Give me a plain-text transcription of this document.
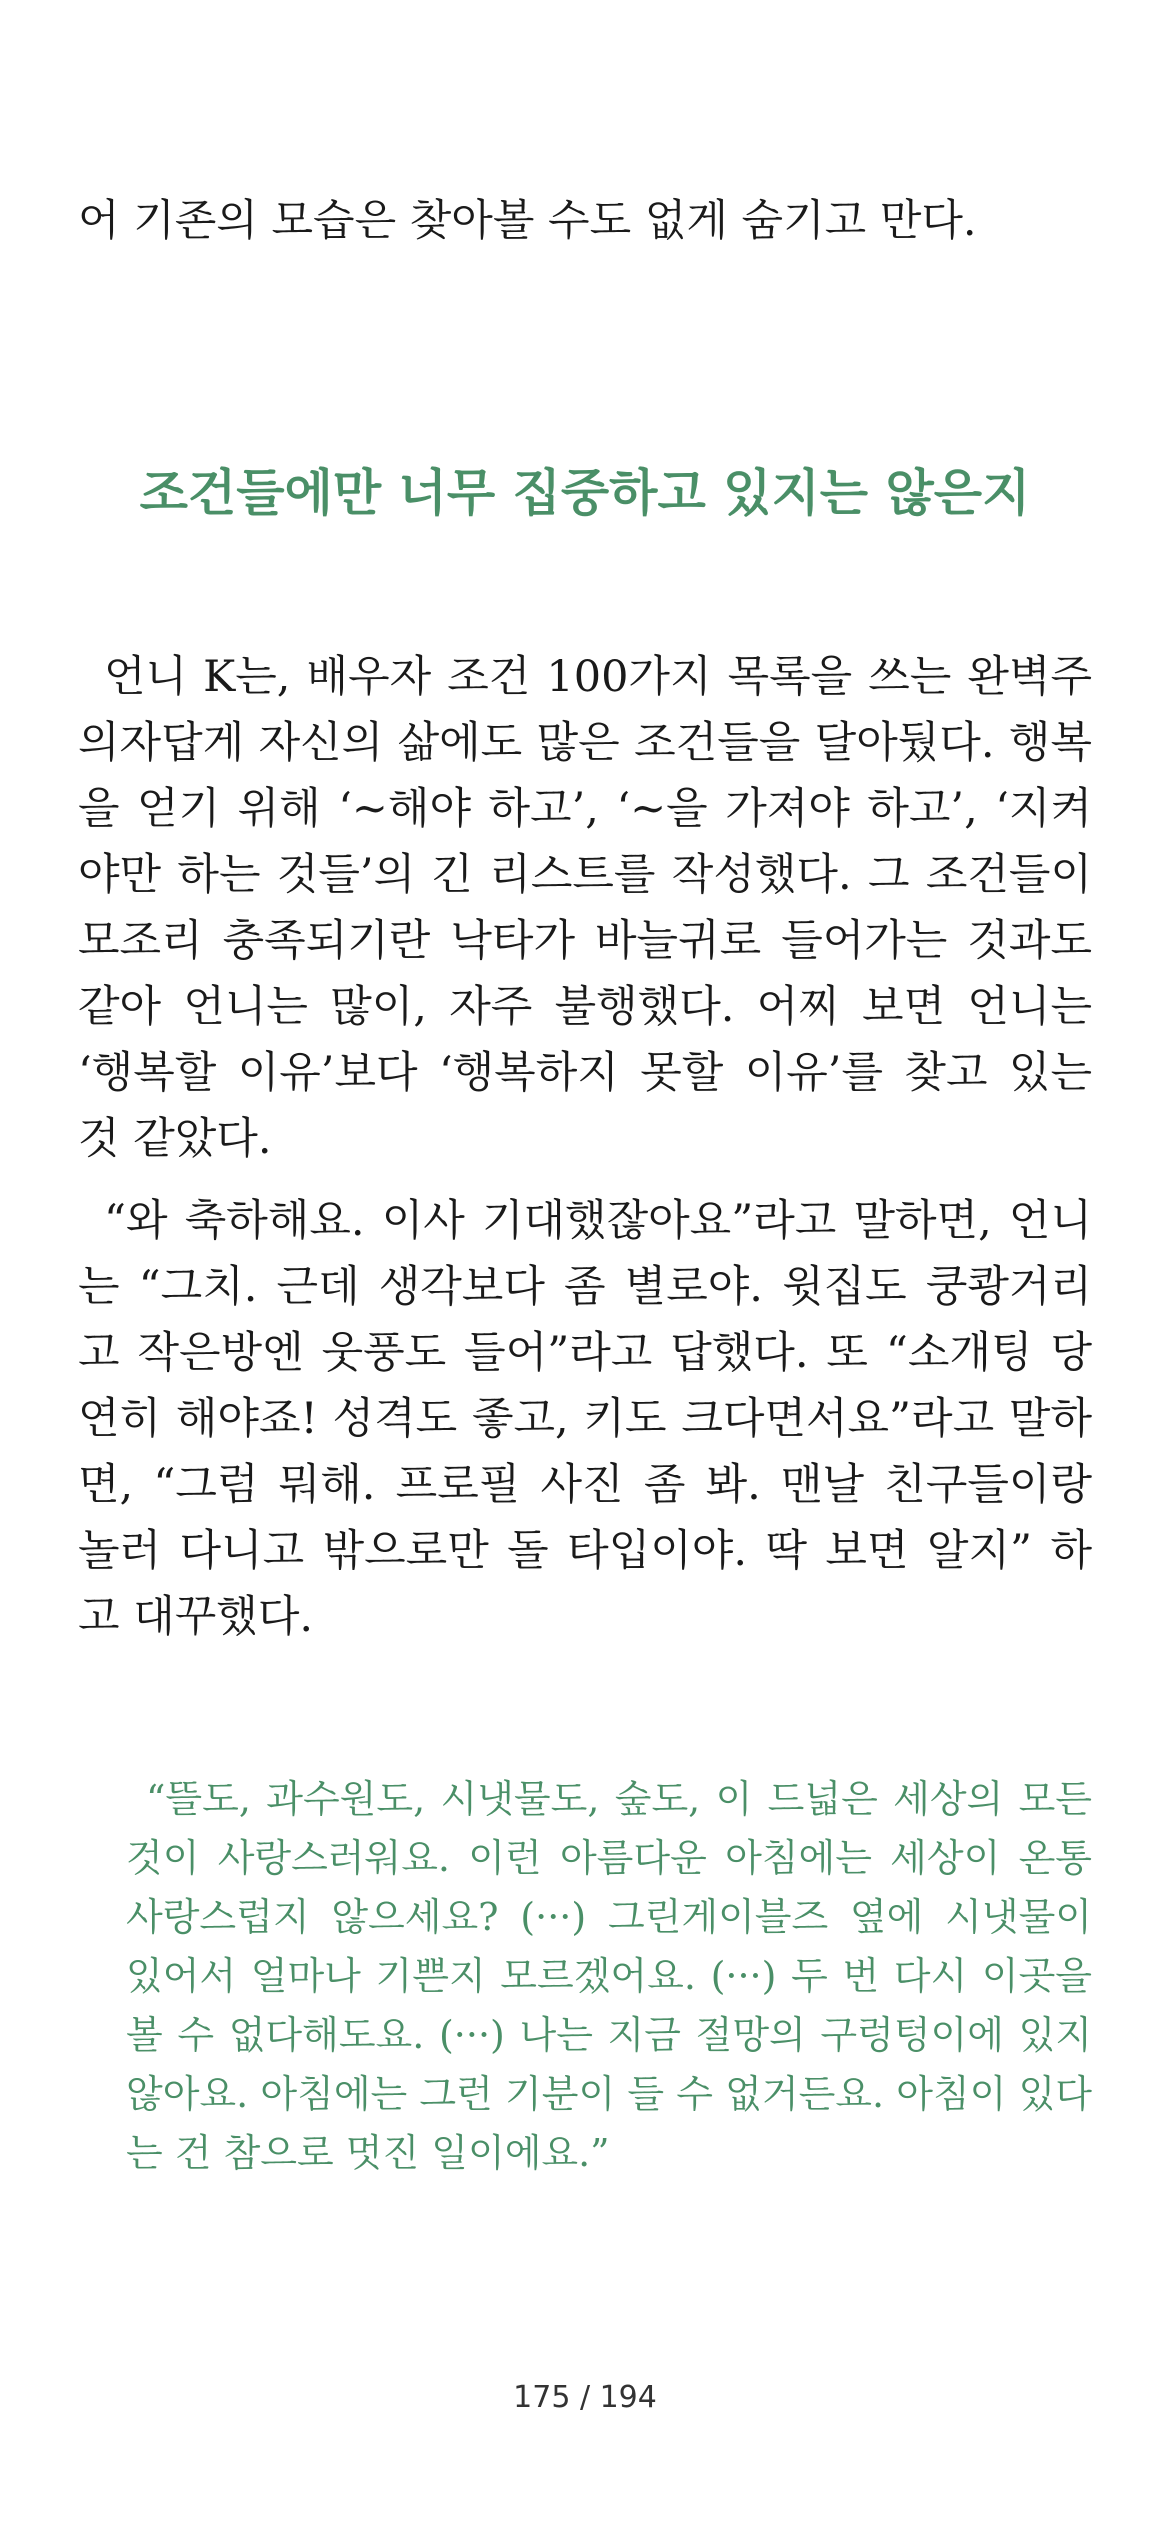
어 기존의 모습은 찾아볼 수도 없게 숨기고 만다.

조건들에만 너무 집중하고 있지는 않은지

언니 K는, 배우자 조건 100가지 목록을 쓰는 완벽주의자답게 자신의 삶에도 많은 조건들을 달아뒀다. 행복을 얻기 위해 ‘~해야 하고’, ‘~을 가져야 하고’, ‘지켜야만 하는 것들’의 긴 리스트를 작성했다. 그 조건들이 모조리 충족되기란 낙타가 바늘귀로 들어가는 것과도 같아 언니는 많이, 자주 불행했다. 어찌 보면 언니는 ‘행복할 이유’보다 ‘행복하지 못할 이유’를 찾고 있는 것 같았다.

“와 축하해요. 이사 기대했잖아요”라고 말하면, 언니는 “그치. 근데 생각보다 좀 별로야. 윗집도 쿵쾅거리고 작은방엔 웃풍도 들어”라고 답했다. 또 “소개팅 당연히 해야죠! 성격도 좋고, 키도 크다면서요”라고 말하면, “그럼 뭐해. 프로필 사진 좀 봐. 맨날 친구들이랑 놀러 다니고 밖으로만 돌 타입이야. 딱 보면 알지” 하고 대꾸했다.

“뜰도, 과수원도, 시냇물도, 숲도, 이 드넓은 세상의 모든 것이 사랑스러워요. 이런 아름다운 아침에는 세상이 온통 사랑스럽지 않으세요? (···) 그린게이블즈 옆에 시냇물이 있어서 얼마나 기쁜지 모르겠어요. (···) 두 번 다시 이곳을 볼 수 없다해도요. (···) 나는 지금 절망의 구렁텅이에 있지 않아요. 아침에는 그런 기분이 들 수 없거든요. 아침이 있다는 건 참으로 멋진 일이에요.”

175 / 194
